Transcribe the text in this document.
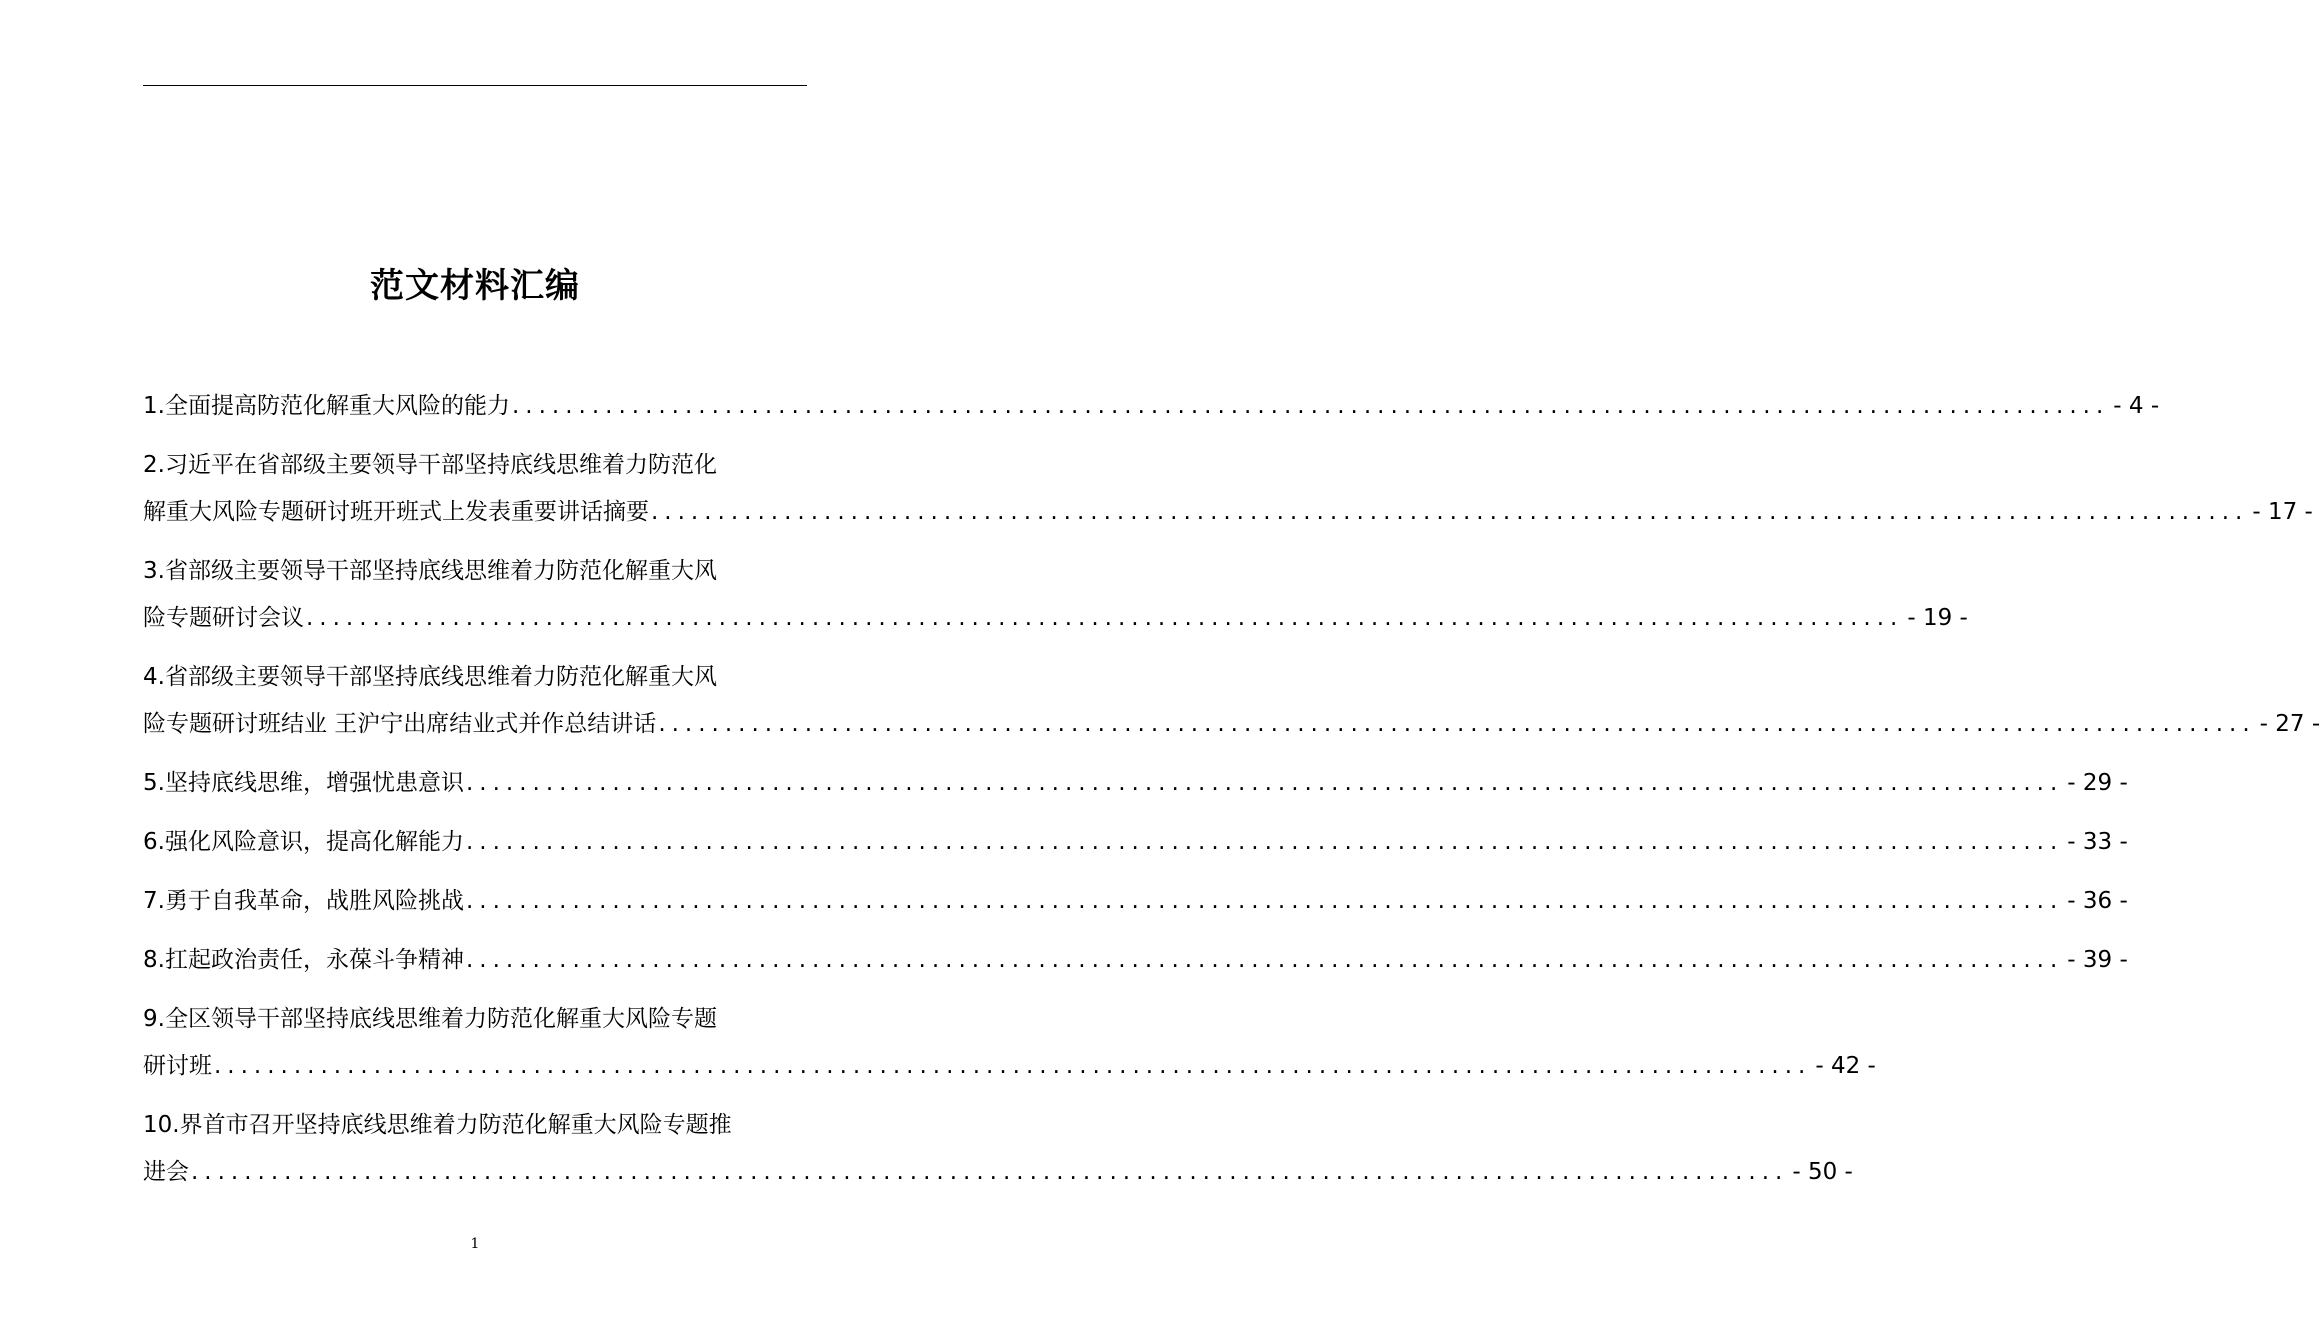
范文材料汇编
1.全面提高防范化解重大风险的能力 ........................................................................................................................ - 4 -
2.习近平在省部级主要领导干部坚持底线思维着力防范化
解重大风险专题研讨班开班式上发表重要讲话摘要 ........................................................................................................................ - 17 -
3.省部级主要领导干部坚持底线思维着力防范化解重大风
险专题研讨会议 ........................................................................................................................ - 19 -
4.省部级主要领导干部坚持底线思维着力防范化解重大风
险专题研讨班结业 王沪宁出席结业式并作总结讲话 ........................................................................................................................ - 27 -
5.坚持底线思维，增强忧患意识 ........................................................................................................................ - 29 -
6.强化风险意识，提高化解能力 ........................................................................................................................ - 33 -
7.勇于自我革命，战胜风险挑战 ........................................................................................................................ - 36 -
8.扛起政治责任，永葆斗争精神 ........................................................................................................................ - 39 -
9.全区领导干部坚持底线思维着力防范化解重大风险专题
研讨班 ........................................................................................................................ - 42 -
10.界首市召开坚持底线思维着力防范化解重大风险专题推
进会 ........................................................................................................................ - 50 -
1
